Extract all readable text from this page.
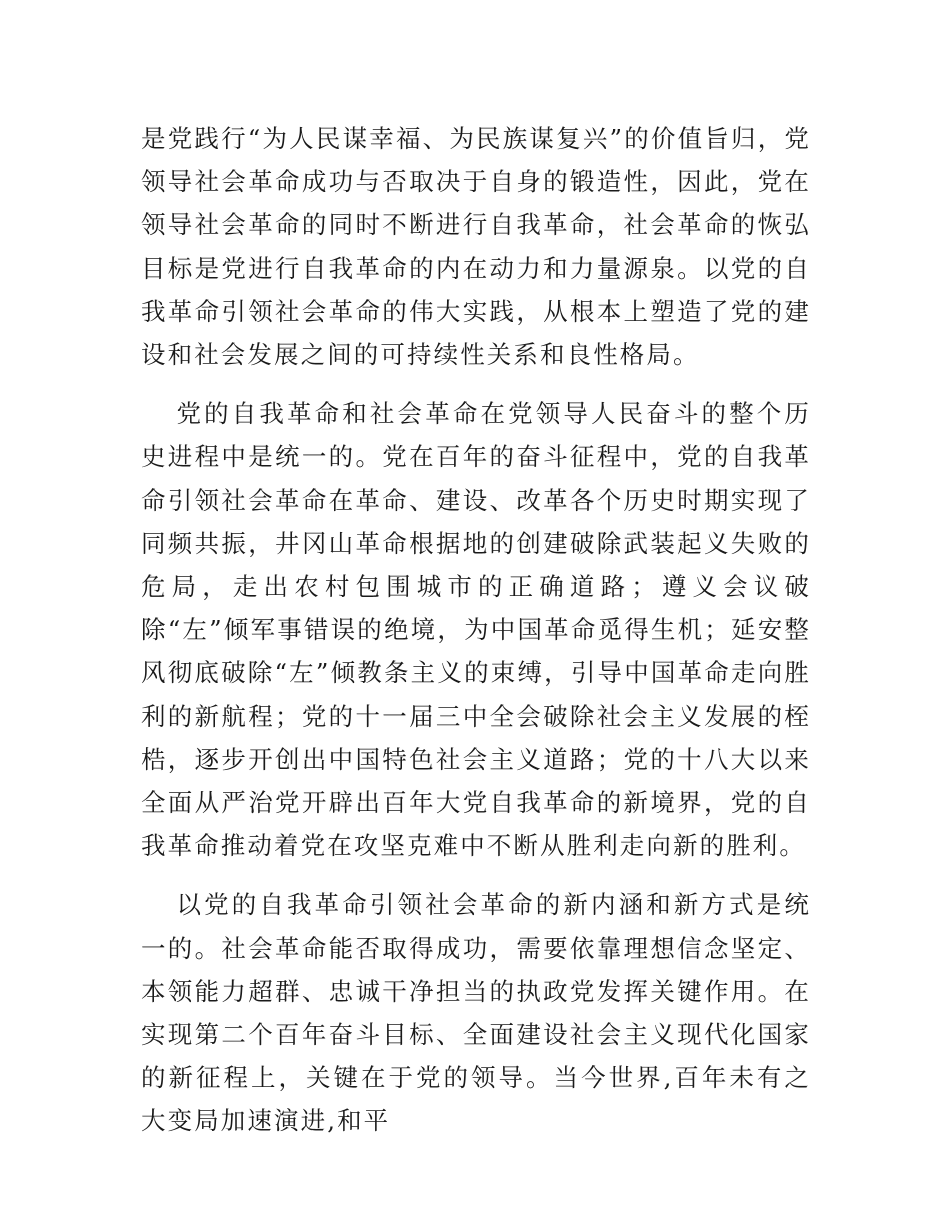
是党践行“为人民谋幸福、为民族谋复兴”的价值旨归，党领导社会革命成功与否取决于自身的锻造性，因此，党在领导社会革命的同时不断进行自我革命，社会革命的恢弘目标是党进行自我革命的内在动力和力量源泉。以党的自我革命引领社会革命的伟大实践，从根本上塑造了党的建设和社会发展之间的可持续性关系和良性格局。

党的自我革命和社会革命在党领导人民奋斗的整个历史进程中是统一的。党在百年的奋斗征程中，党的自我革命引领社会革命在革命、建设、改革各个历史时期实现了同频共振，井冈山革命根据地的创建破除武装起义失败的危局，走出农村包围城市的正确道路；遵义会议破除“左”倾军事错误的绝境，为中国革命觅得生机；延安整风彻底破除“左”倾教条主义的束缚，引导中国革命走向胜利的新航程；党的十一届三中全会破除社会主义发展的桎梏，逐步开创出中国特色社会主义道路；党的十八大以来全面从严治党开辟出百年大党自我革命的新境界，党的自我革命推动着党在攻坚克难中不断从胜利走向新的胜利。

以党的自我革命引领社会革命的新内涵和新方式是统一的。社会革命能否取得成功，需要依靠理想信念坚定、本领能力超群、忠诚干净担当的执政党发挥关键作用。在实现第二个百年奋斗目标、全面建设社会主义现代化国家的新征程上，关键在于党的领导。当今世界,百年未有之大变局加速演进,和平
